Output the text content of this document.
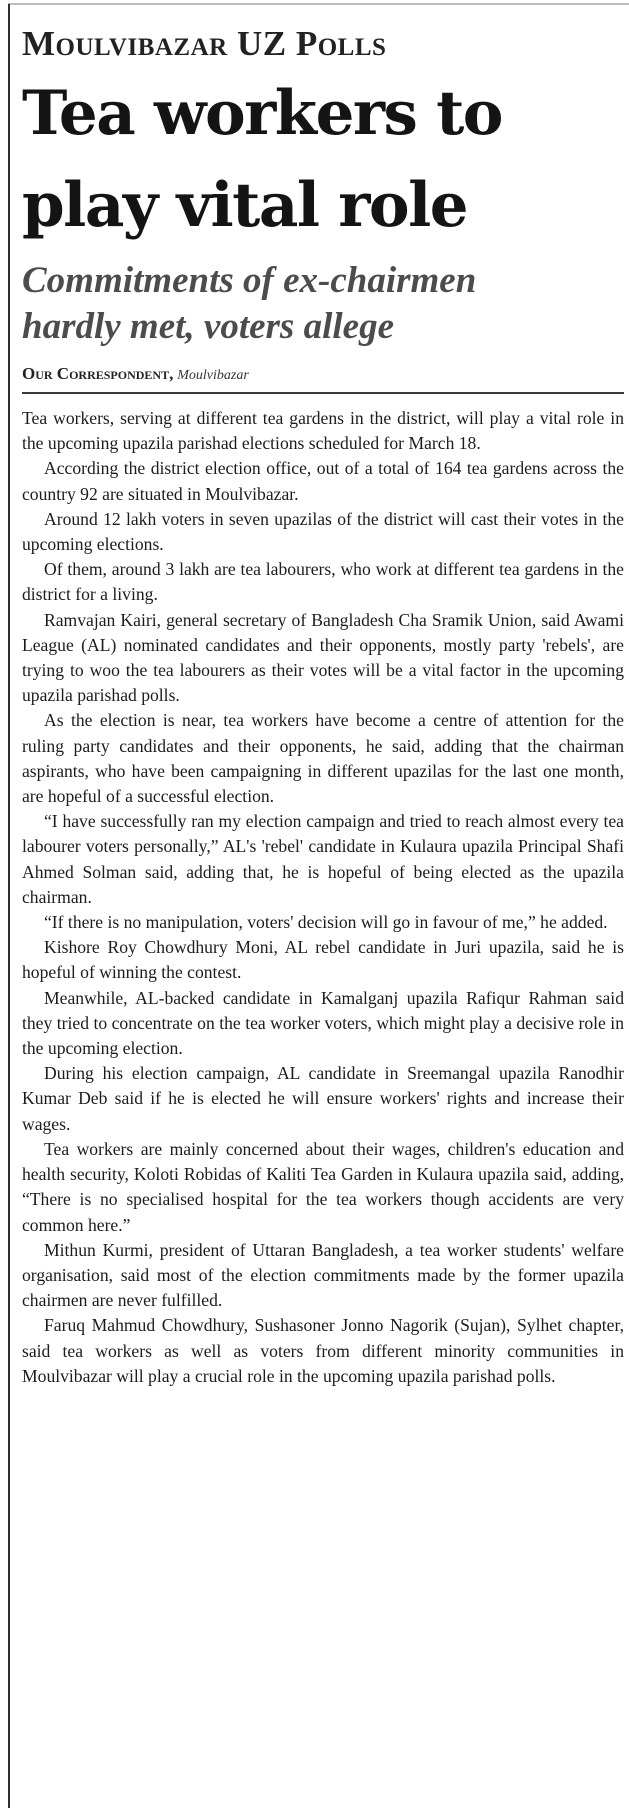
Moulvibazar UZ Polls
Tea workers to
play vital role
Commitments of ex-chairmen
hardly met, voters allege
Our Correspondent, Moulvibazar

Tea workers, serving at different tea gardens in the district, will play a vital role in the upcoming upazila parishad elections scheduled for March 18.

According the district election office, out of a total of 164 tea gardens across the country 92 are situated in Moulvibazar.

Around 12 lakh voters in seven upazilas of the district will cast their votes in the upcoming elections.

Of them, around 3 lakh are tea labourers, who work at different tea gardens in the district for a living.

Ramvajan Kairi, general secretary of Bangladesh Cha Sramik Union, said Awami League (AL) nominated candidates and their opponents, mostly party 'rebels', are trying to woo the tea labourers as their votes will be a vital factor in the upcoming upazila parishad polls.

As the election is near, tea workers have become a centre of attention for the ruling party candidates and their opponents, he said, adding that the chairman aspirants, who have been campaigning in different upazilas for the last one month, are hopeful of a successful election.

“I have successfully ran my election campaign and tried to reach almost every tea labourer voters personally,” AL's 'rebel' candidate in Kulaura upazila Principal Shafi Ahmed Solman said, adding that, he is hopeful of being elected as the upazila chairman.

“If there is no manipulation, voters' decision will go in favour of me,” he added.

Kishore Roy Chowdhury Moni, AL rebel candidate in Juri upazila, said he is hopeful of winning the contest.

Meanwhile, AL-backed candidate in Kamalganj upazila Rafiqur Rahman said they tried to concentrate on the tea worker voters, which might play a decisive role in the upcoming election.

During his election campaign, AL candidate in Sreemangal upazila Ranodhir Kumar Deb said if he is elected he will ensure workers' rights and increase their wages.

Tea workers are mainly concerned about their wages, children's education and health security, Koloti Robidas of Kaliti Tea Garden in Kulaura upazila said, adding, “There is no specialised hospital for the tea workers though accidents are very common here.”

Mithun Kurmi, president of Uttaran Bangladesh, a tea worker students' welfare organisation, said most of the election commitments made by the former upazila chairmen are never fulfilled.

Faruq Mahmud Chowdhury, Sushasoner Jonno Nagorik (Sujan), Sylhet chapter, said tea workers as well as voters from different minority communities in Moulvibazar will play a crucial role in the upcoming upazila parishad polls.
